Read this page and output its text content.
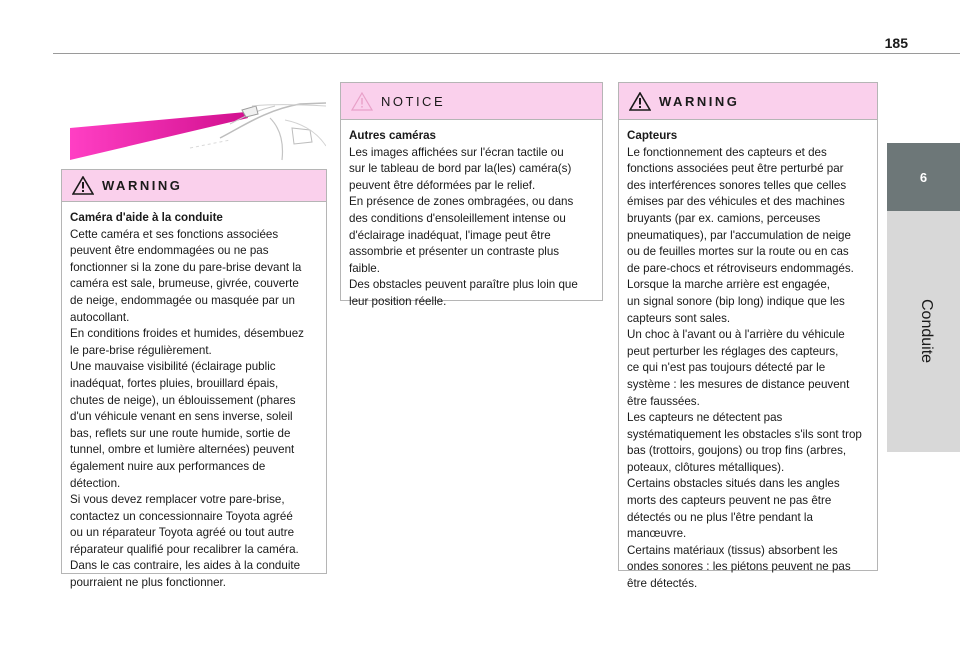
185
6
Conduite
WARNING

Caméra d'aide à la conduite

Cette caméra et ses fonctions associées
peuvent être endommagées ou ne pas
fonctionner si la zone du pare-brise devant la
caméra est sale, brumeuse, givrée, couverte
de neige, endommagée ou masquée par un
autocollant.
En conditions froides et humides, désembuez
le pare-brise régulièrement.
Une mauvaise visibilité (éclairage public
inadéquat, fortes pluies, brouillard épais,
chutes de neige), un éblouissement (phares
d'un véhicule venant en sens inverse, soleil
bas, reflets sur une route humide, sortie de
tunnel, ombre et lumière alternées) peuvent
également nuire aux performances de
détection.
Si vous devez remplacer votre pare-brise,
contactez un concessionnaire Toyota agréé
ou un réparateur Toyota agréé ou tout autre
réparateur qualifié pour recalibrer la caméra.
Dans le cas contraire, les aides à la conduite
pourraient ne plus fonctionner.

NOTICE

Autres caméras

Les images affichées sur l'écran tactile ou
sur le tableau de bord par la(les) caméra(s)
peuvent être déformées par le relief.
En présence de zones ombragées, ou dans
des conditions d'ensoleillement intense ou
d'éclairage inadéquat, l'image peut être
assombrie et présenter un contraste plus
faible.
Des obstacles peuvent paraître plus loin que
leur position réelle.

WARNING

Capteurs

Le fonctionnement des capteurs et des
fonctions associées peut être perturbé par
des interférences sonores telles que celles
émises par des véhicules et des machines
bruyants (par ex. camions, perceuses
pneumatiques), par l'accumulation de neige
ou de feuilles mortes sur la route ou en cas
de pare-chocs et rétroviseurs endommagés.
Lorsque la marche arrière est engagée,
un signal sonore (bip long) indique que les
capteurs sont sales.
Un choc à l'avant ou à l'arrière du véhicule
peut perturber les réglages des capteurs,
ce qui n'est pas toujours détecté par le
système : les mesures de distance peuvent
être faussées.
Les capteurs ne détectent pas
systématiquement les obstacles s'ils sont trop
bas (trottoirs, goujons) ou trop fins (arbres,
poteaux, clôtures métalliques).
Certains obstacles situés dans les angles
morts des capteurs peuvent ne pas être
détectés ou ne plus l'être pendant la
manœuvre.
Certains matériaux (tissus) absorbent les
ondes sonores : les piétons peuvent ne pas
être détectés.
